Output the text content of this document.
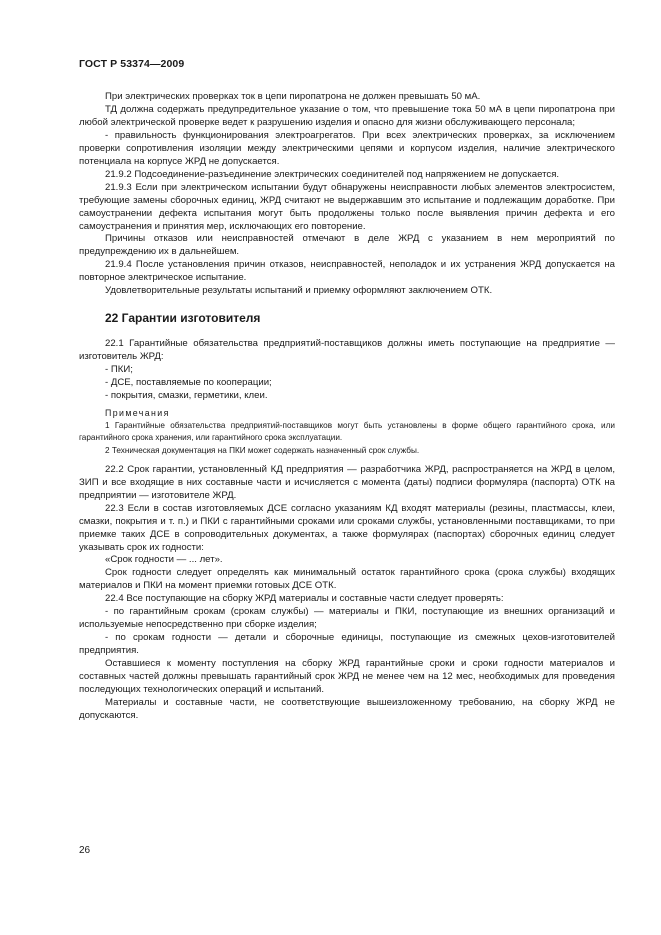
ГОСТ Р 53374—2009

При электрических проверках ток в цепи пиропатрона не должен превышать 50 мА.

ТД должна содержать предупредительное указание о том, что превышение тока 50 мА в цепи пиропатрона при любой электрической проверке ведет к разрушению изделия и опасно для жизни обслуживающего персонала;

- правильность функционирования электроагрегатов. При всех электрических проверках, за исключением проверки сопротивления изоляции между электрическими цепями и корпусом изделия, наличие электрического потенциала на корпусе ЖРД не допускается.

21.9.2 Подсоединение-разъединение электрических соединителей под напряжением не допускается.

21.9.3 Если при электрическом испытании будут обнаружены неисправности любых элементов электросистем, требующие замены сборочных единиц, ЖРД считают не выдержавшим это испытание и подлежащим доработке. При самоустранении дефекта испытания могут быть продолжены только после выявления причин дефекта и его самоустранения и принятия мер, исключающих его повторение.

Причины отказов или неисправностей отмечают в деле ЖРД с указанием в нем мероприятий по предупреждению их в дальнейшем.

21.9.4 После установления причин отказов, неисправностей, неполадок и их устранения ЖРД допускается на повторное электрическое испытание.

Удовлетворительные результаты испытаний и приемку оформляют заключением ОТК.

22 Гарантии изготовителя

22.1 Гарантийные обязательства предприятий-поставщиков должны иметь поступающие на предприятие — изготовитель ЖРД:

- ПКИ;

- ДСЕ, поставляемые по кооперации;

- покрытия, смазки, герметики, клеи.

Примечания

1 Гарантийные обязательства предприятий-поставщиков могут быть установлены в форме общего гарантийного срока, или гарантийного срока хранения, или гарантийного срока эксплуатации.

2 Техническая документация на ПКИ может содержать назначенный срок службы.

22.2 Срок гарантии, установленный КД предприятия — разработчика ЖРД, распространяется на ЖРД в целом, ЗИП и все входящие в них составные части и исчисляется с момента (даты) подписи формуляра (паспорта) ОТК на предприятии — изготовителе ЖРД.

22.3 Если в состав изготовляемых ДСЕ согласно указаниям КД входят материалы (резины, пластмассы, клеи, смазки, покрытия и т. п.) и ПКИ с гарантийными сроками или сроками службы, установленными поставщиками, то при приемке таких ДСЕ в сопроводительных документах, а также формулярах (паспортах) сборочных единиц следует указывать срок их годности:

«Срок годности — ... лет».

Срок годности следует определять как минимальный остаток гарантийного срока (срока службы) входящих материалов и ПКИ на момент приемки готовых ДСЕ ОТК.

22.4 Все поступающие на сборку ЖРД материалы и составные части следует проверять:

- по гарантийным срокам (срокам службы) — материалы и ПКИ, поступающие из внешних организаций и используемые непосредственно при сборке изделия;

- по срокам годности — детали и сборочные единицы, поступающие из смежных цехов-изготовителей предприятия.

Оставшиеся к моменту поступления на сборку ЖРД гарантийные сроки и сроки годности материалов и составных частей должны превышать гарантийный срок ЖРД не менее чем на 12 мес, необходимых для проведения последующих технологических операций и испытаний.

Материалы и составные части, не соответствующие вышеизложенному требованию, на сборку ЖРД не допускаются.

26
